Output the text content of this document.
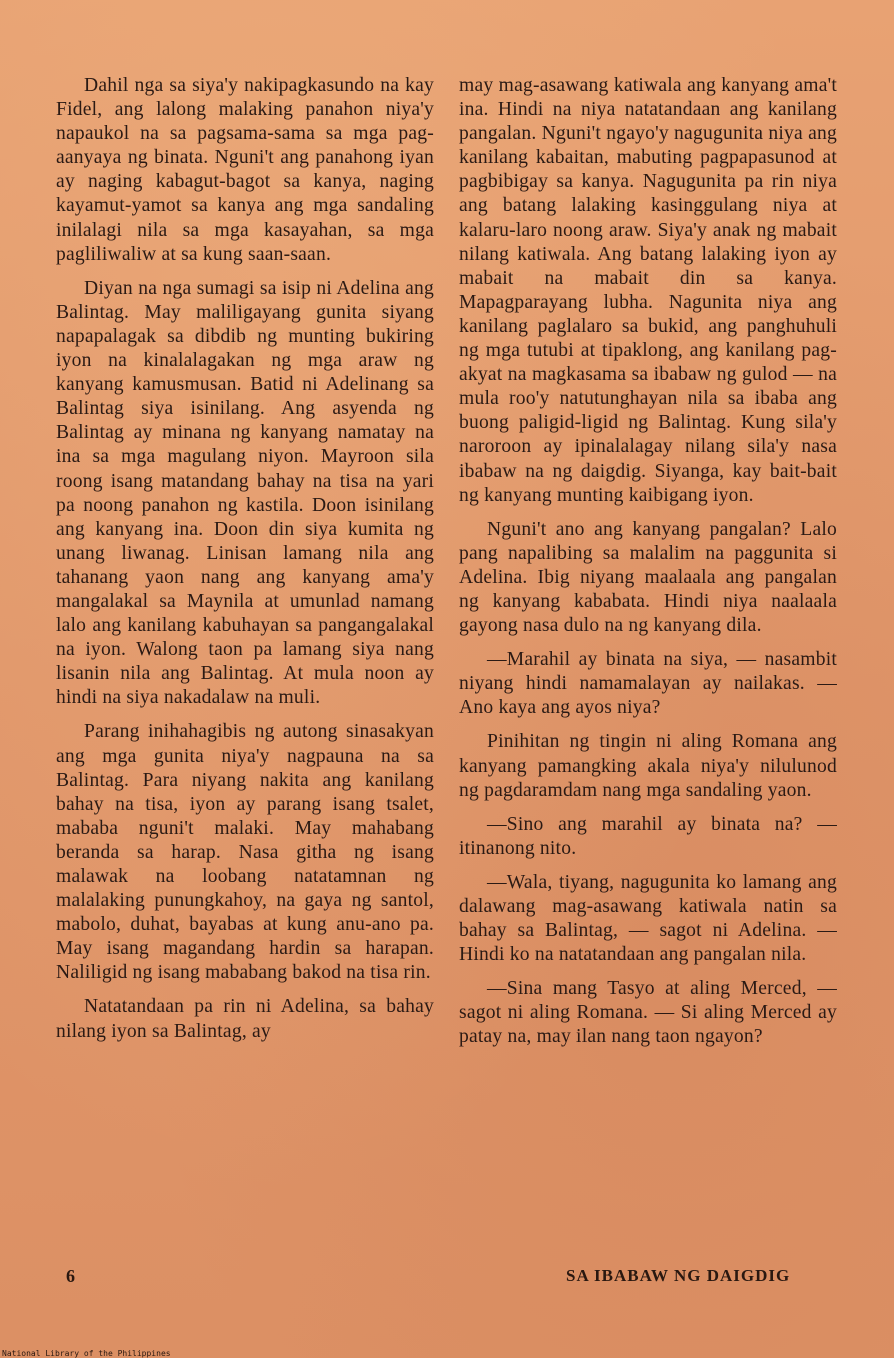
Dahil nga sa siya'y nakipagkasundo na kay Fidel, ang lalong malaking panahon niya'y napaukol na sa pagsama-sama sa mga pag-aanyaya ng binata. Nguni't ang panahong iyan ay naging kabagut-bagot sa kanya, naging kayamut-yamot sa kanya ang mga sandaling inilalagi nila sa mga kasayahan, sa mga pagliliwaliw at sa kung saan-saan.

Diyan na nga sumagi sa isip ni Adelina ang Balintag. May maliligayang gunita siyang napapalagak sa dibdib ng munting bukiring iyon na kinalalagakan ng mga araw ng kanyang kamusmusan. Batid ni Adelinang sa Balintag siya isinilang. Ang asyenda ng Balintag ay minana ng kanyang namatay na ina sa mga magulang niyon. Mayroon sila roong isang matandang bahay na tisa na yari pa noong panahon ng kastila. Doon isinilang ang kanyang ina. Doon din siya kumita ng unang liwanag. Linisan lamang nila ang tahanang yaon nang ang kanyang ama'y mangalakal sa Maynila at umunlad namang lalo ang kanilang kabuhayan sa pangangalakal na iyon. Walong taon pa lamang siya nang lisanin nila ang Balintag. At mula noon ay hindi na siya nakadalaw na muli.

Parang inihahagibis ng autong sinasakyan ang mga gunita niya'y nagpauna na sa Balintag. Para niyang nakita ang kanilang bahay na tisa, iyon ay parang isang tsalet, mababa nguni't malaki. May mahabang beranda sa harap. Nasa githa ng isang malawak na loobang natatamnan ng malalaking punungkahoy, na gaya ng santol, mabolo, duhat, bayabas at kung anu-ano pa. May isang magandang hardin sa harapan. Naliligid ng isang mababang bakod na tisa rin.

Natatandaan pa rin ni Adelina, sa bahay nilang iyon sa Balintag, ay

may mag-asawang katiwala ang kanyang ama't ina. Hindi na niya natatandaan ang kanilang pangalan. Nguni't ngayo'y nagugunita niya ang kanilang kabaitan, mabuting pagpapasunod at pagbibigay sa kanya. Nagugunita pa rin niya ang batang lalaking kasinggulang niya at kalaru-laro noong araw. Siya'y anak ng mabait nilang katiwala. Ang batang lalaking iyon ay mabait na mabait din sa kanya. Mapagparayang lubha. Nagunita niya ang kanilang paglalaro sa bukid, ang panghuhuli ng mga tutubi at tipaklong, ang kanilang pag-akyat na magkasama sa ibabaw ng gulod — na mula roo'y natutunghayan nila sa ibaba ang buong paligid-ligid ng Balintag. Kung sila'y naroroon ay ipinalalagay nilang sila'y nasa ibabaw na ng daigdig. Siyanga, kay bait-bait ng kanyang munting kaibigang iyon.

Nguni't ano ang kanyang pangalan? Lalo pang napalibing sa malalim na paggunita si Adelina. Ibig niyang maalaala ang pangalan ng kanyang kababata. Hindi niya naalaala gayong nasa dulo na ng kanyang dila.

—Marahil ay binata na siya, — nasambit niyang hindi namamalayan ay nailakas. — Ano kaya ang ayos niya?

Pinihitan ng tingin ni aling Romana ang kanyang pamangking akala niya'y nilulunod ng pagdaramdam nang mga sandaling yaon.

—Sino ang marahil ay binata na? —itinanong nito.

—Wala, tiyang, nagugunita ko lamang ang dalawang mag-asawang katiwala natin sa bahay sa Balintag, — sagot ni Adelina. — Hindi ko na natatandaan ang pangalan nila.

—Sina mang Tasyo at aling Merced, — sagot ni aling Romana. — Si aling Merced ay patay na, may ilan nang taon ngayon?

6	SA IBABAW NG DAIGDIG
National Library of the Philippines
